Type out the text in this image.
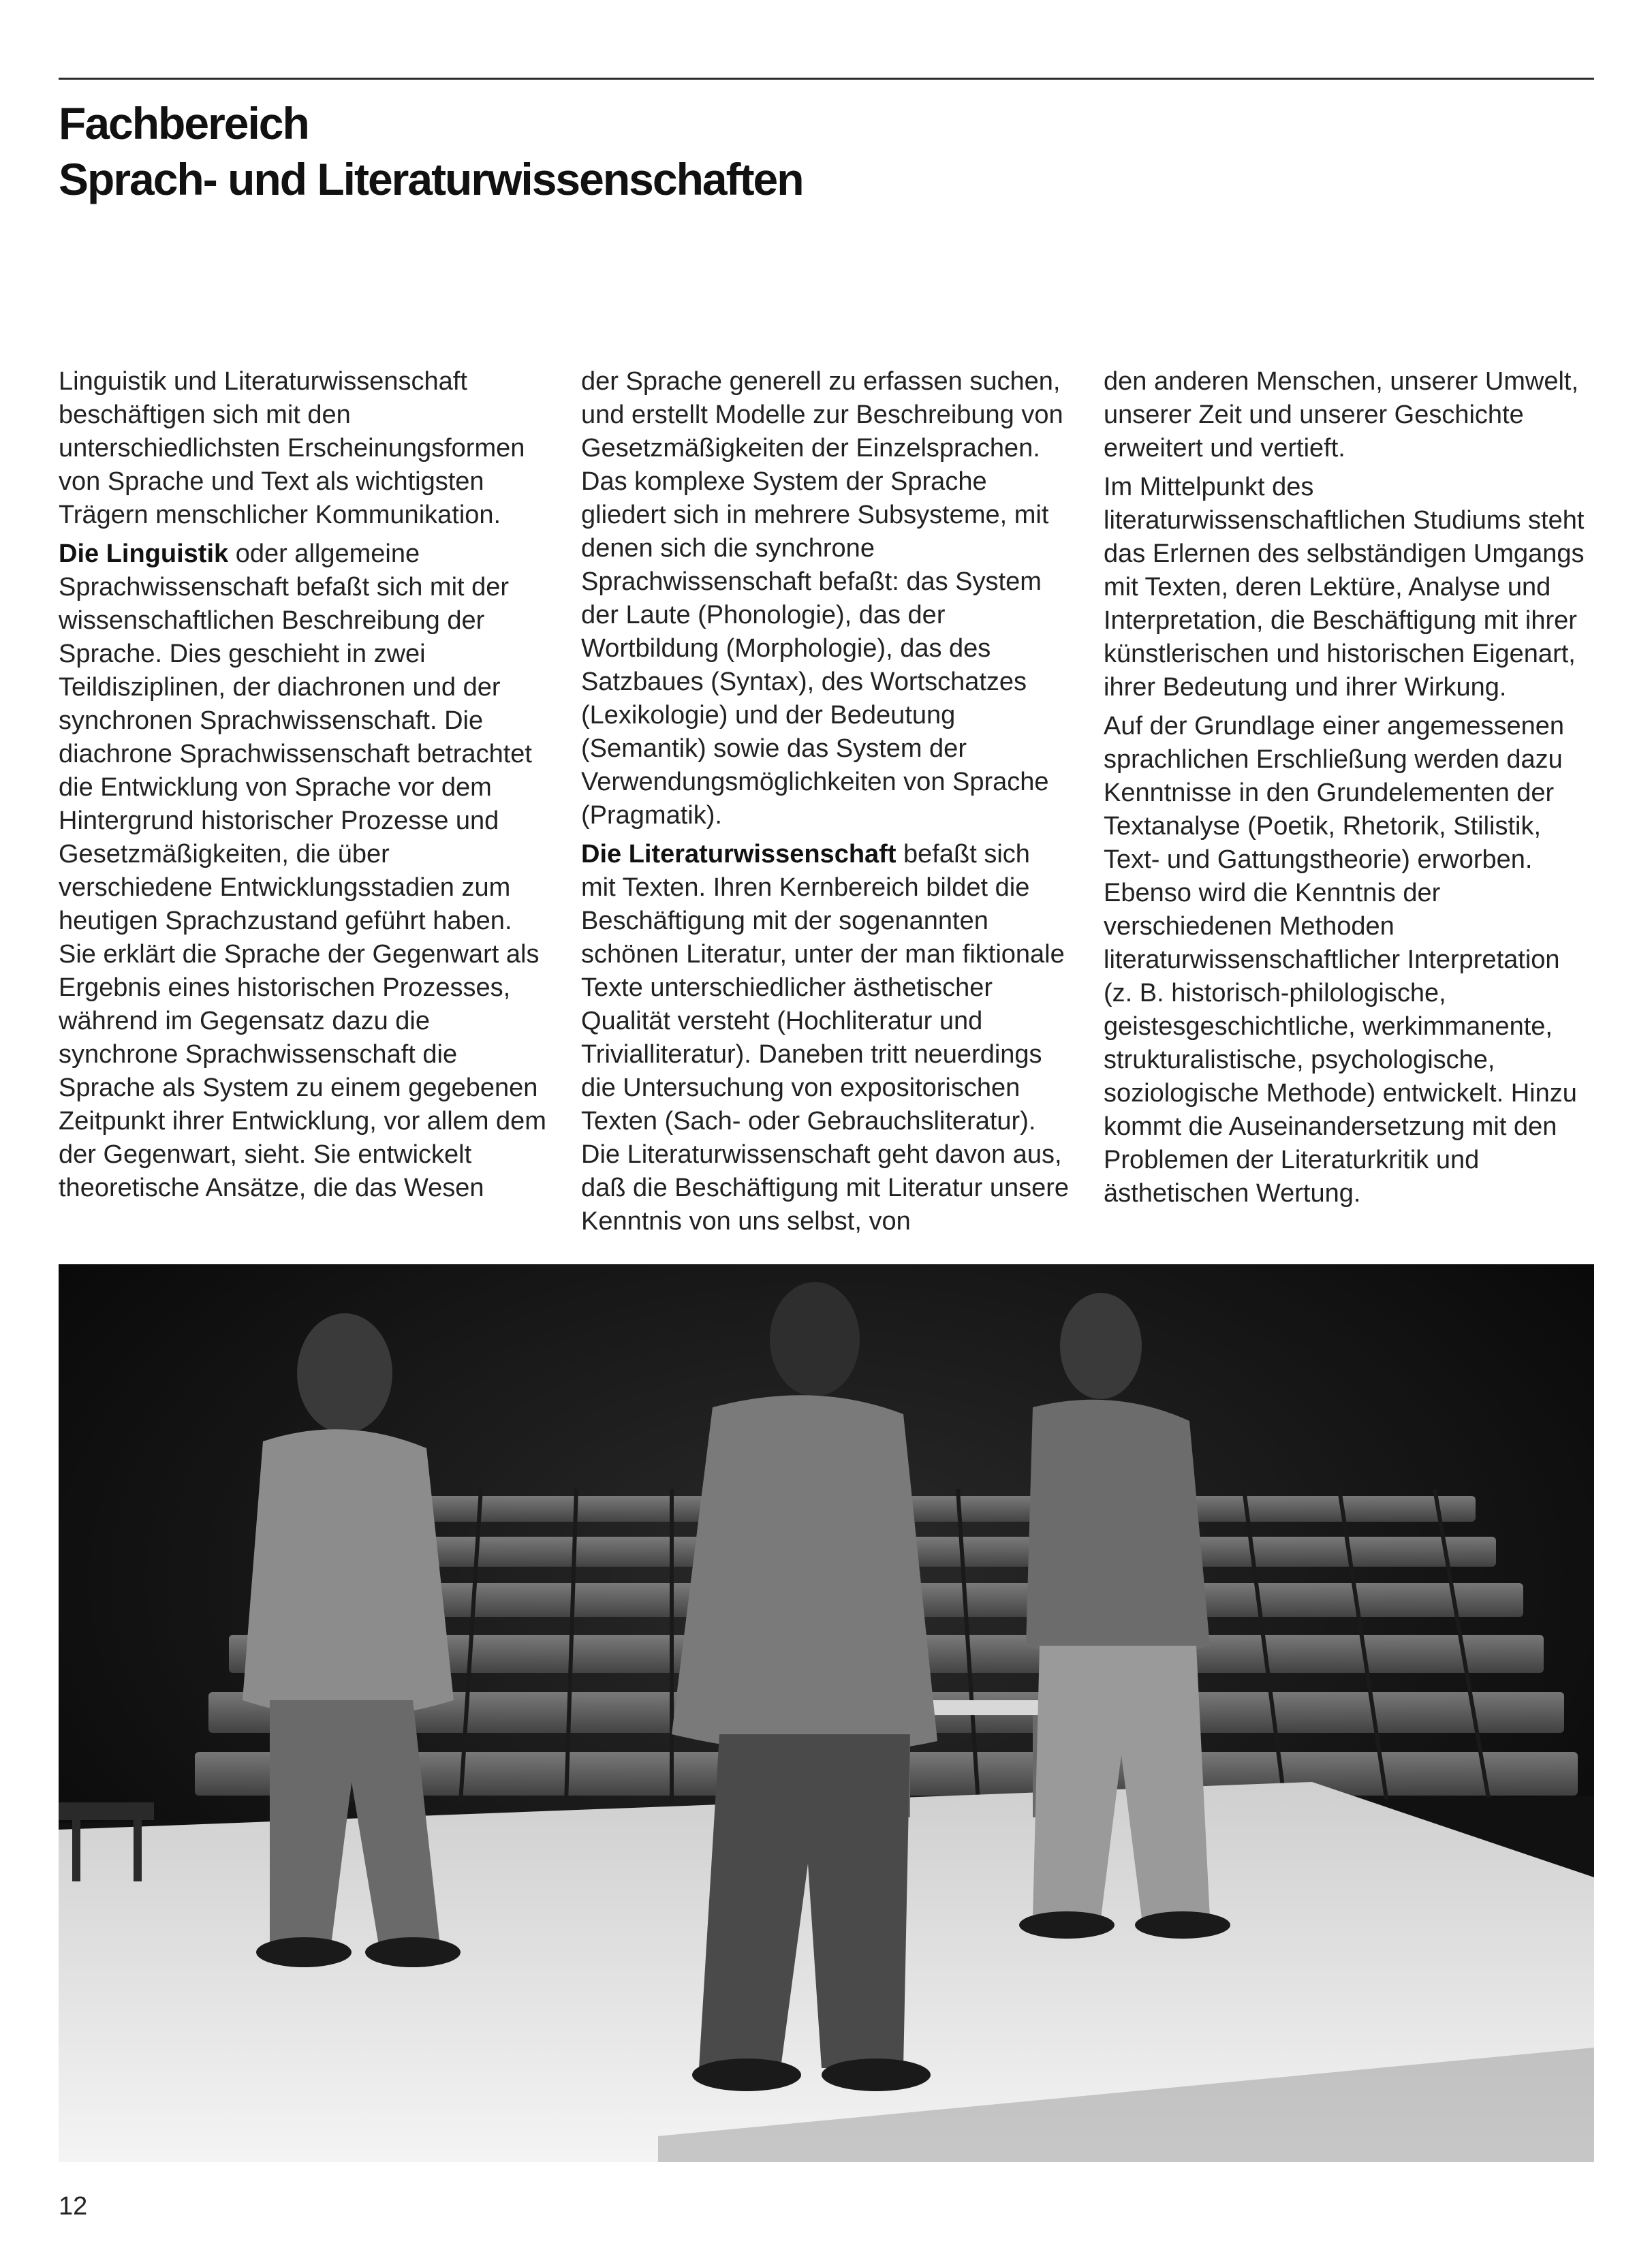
Fachbereich
Sprach- und Literaturwissenschaften

Linguistik und Literaturwissenschaft beschäftigen sich mit den unterschiedlichsten Erscheinungsformen von Sprache und Text als wichtigsten Trägern menschlicher Kommunikation.

Die Linguistik oder allgemeine Sprachwissenschaft befaßt sich mit der wissenschaftlichen Beschreibung der Sprache. Dies geschieht in zwei Teildisziplinen, der diachronen und der synchronen Sprachwissenschaft. Die diachrone Sprachwissenschaft betrachtet die Entwicklung von Sprache vor dem Hintergrund historischer Prozesse und Gesetzmäßigkeiten, die über verschiedene Entwicklungsstadien zum heutigen Sprachzustand geführt haben. Sie erklärt die Sprache der Gegenwart als Ergebnis eines historischen Prozesses, während im Gegensatz dazu die synchrone Sprachwissenschaft die Sprache als System zu einem gegebenen Zeitpunkt ihrer Entwicklung, vor allem dem der Gegenwart, sieht. Sie entwickelt theoretische Ansätze, die das Wesen

der Sprache generell zu erfassen suchen, und erstellt Modelle zur Beschreibung von Gesetzmäßigkeiten der Einzelsprachen. Das komplexe System der Sprache gliedert sich in mehrere Subsysteme, mit denen sich die synchrone Sprachwissenschaft befaßt: das System der Laute (Phonologie), das der Wortbildung (Morphologie), das des Satzbaues (Syntax), des Wortschatzes (Lexikologie) und der Bedeutung (Semantik) sowie das System der Verwendungsmöglichkeiten von Sprache (Pragmatik).

Die Literaturwissenschaft befaßt sich mit Texten. Ihren Kernbereich bildet die Beschäftigung mit der sogenannten schönen Literatur, unter der man fiktionale Texte unterschiedlicher ästhetischer Qualität versteht (Hochliteratur und Trivialliteratur). Daneben tritt neuerdings die Untersuchung von expositorischen Texten (Sach- oder Gebrauchsliteratur). Die Literaturwissenschaft geht davon aus, daß die Beschäftigung mit Literatur unsere Kenntnis von uns selbst, von

den anderen Menschen, unserer Umwelt, unserer Zeit und unserer Geschichte erweitert und vertieft.

Im Mittelpunkt des literaturwissenschaftlichen Studiums steht das Erlernen des selbständigen Umgangs mit Texten, deren Lektüre, Analyse und Interpretation, die Beschäftigung mit ihrer künstlerischen und historischen Eigenart, ihrer Bedeutung und ihrer Wirkung.

Auf der Grundlage einer angemessenen sprachlichen Erschließung werden dazu Kenntnisse in den Grundelementen der Textanalyse (Poetik, Rhetorik, Stilistik, Text- und Gattungstheorie) erworben. Ebenso wird die Kenntnis der verschiedenen Methoden literaturwissenschaftlicher Interpretation (z. B. historisch-philologische, geistesgeschichtliche, werkimmanente, strukturalistische, psychologische, soziologische Methode) entwickelt. Hinzu kommt die Auseinandersetzung mit den Problemen der Literaturkritik und ästhetischen Wertung.

12
